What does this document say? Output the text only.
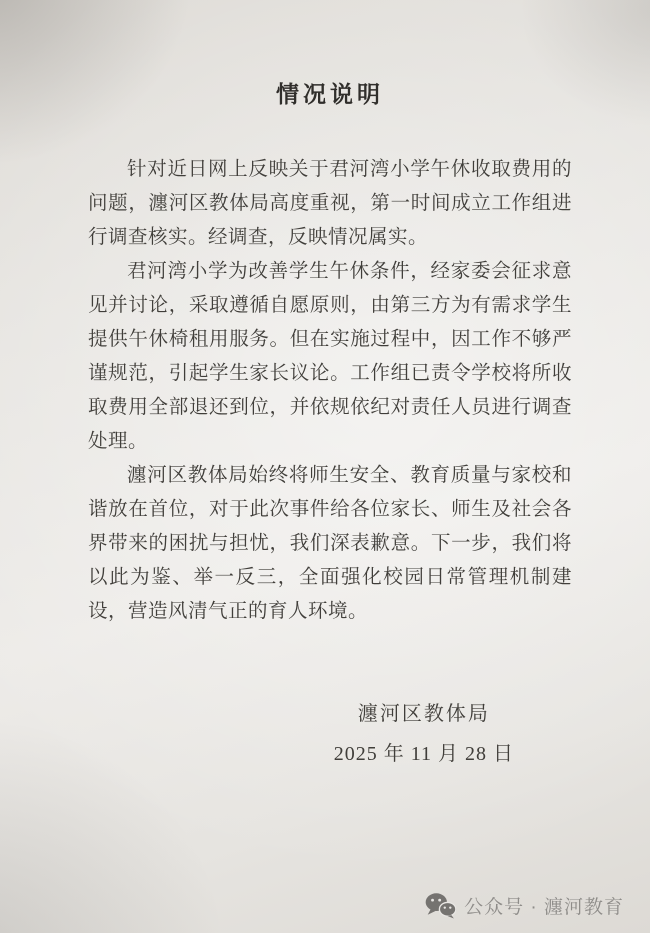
情况说明

针对近日网上反映关于君河湾小学午休收取费用的问题，瀍河区教体局高度重视，第一时间成立工作组进行调查核实。经调查，反映情况属实。

君河湾小学为改善学生午休条件，经家委会征求意见并讨论，采取遵循自愿原则，由第三方为有需求学生提供午休椅租用服务。但在实施过程中，因工作不够严谨规范，引起学生家长议论。工作组已责令学校将所收取费用全部退还到位，并依规依纪对责任人员进行调查处理。

瀍河区教体局始终将师生安全、教育质量与家校和谐放在首位，对于此次事件给各位家长、师生及社会各界带来的困扰与担忧，我们深表歉意。下一步，我们将以此为鉴、举一反三，全面强化校园日常管理机制建设，营造风清气正的育人环境。

瀍河区教体局
2025 年 11 月 28 日
公众号 · 瀍河教育
